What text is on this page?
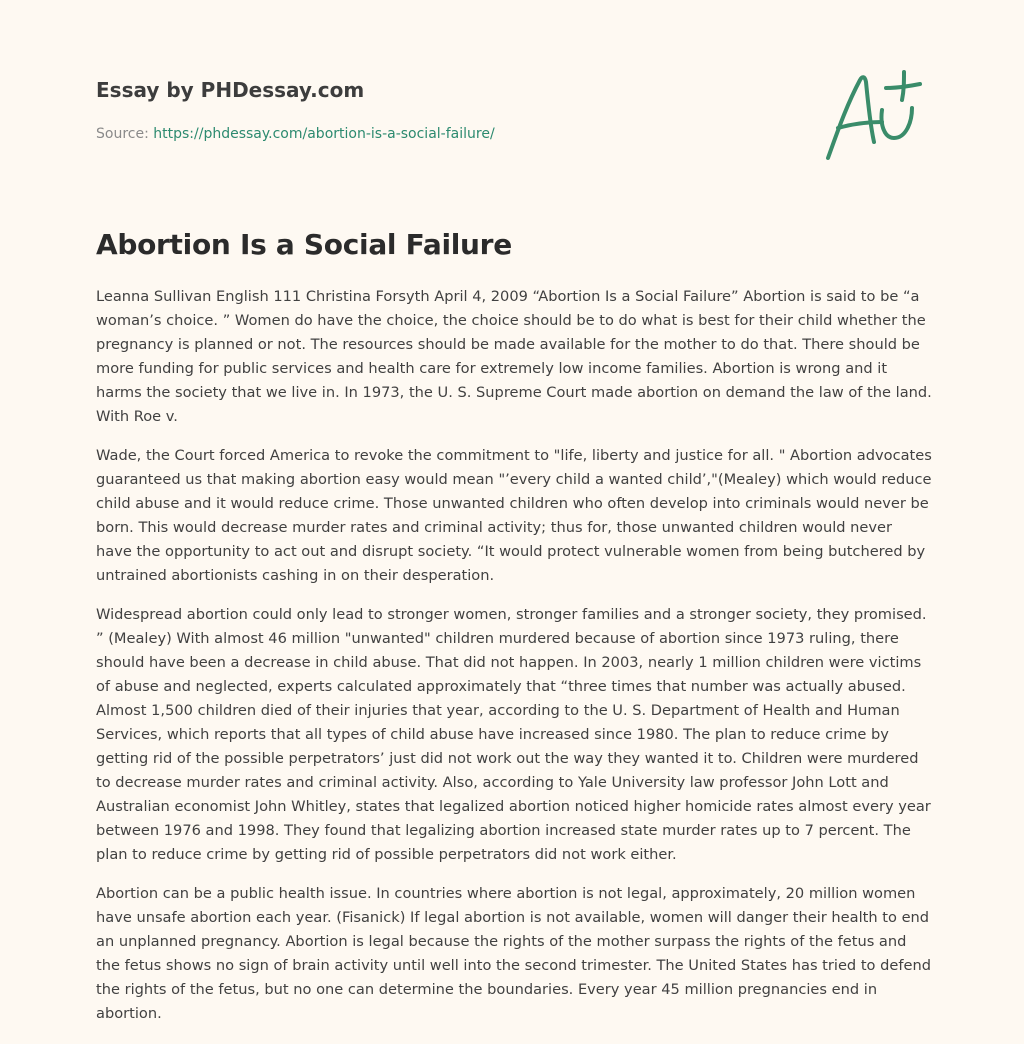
Essay by PHDessay.com
Source: https://phdessay.com/abortion-is-a-social-failure/
Abortion Is a Social Failure

Leanna Sullivan English 111 Christina Forsyth April 4, 2009 “Abortion Is a Social Failure” Abortion is said to be “a woman’s choice. ” Women do have the choice, the choice should be to do what is best for their child whether the pregnancy is planned or not. The resources should be made available for the mother to do that. There should be more funding for public services and health care for extremely low income families. Abortion is wrong and it harms the society that we live in. In 1973, the U. S. Supreme Court made abortion on demand the law of the land. With Roe v.

Wade, the Court forced America to revoke the commitment to "life, liberty and justice for all. " Abortion advocates guaranteed us that making abortion easy would mean "’every child a wanted child’,"(Mealey) which would reduce child abuse and it would reduce crime. Those unwanted children who often develop into criminals would never be born. This would decrease murder rates and criminal activity; thus for, those unwanted children would never have the opportunity to act out and disrupt society. “It would protect vulnerable women from being butchered by untrained abortionists cashing in on their desperation.

Widespread abortion could only lead to stronger women, stronger families and a stronger society, they promised. ” (Mealey) With almost 46 million "unwanted" children murdered because of abortion since 1973 ruling, there should have been a decrease in child abuse. That did not happen. In 2003, nearly 1 million children were victims of abuse and neglected, experts calculated approximately that “three times that number was actually abused. Almost 1,500 children died of their injuries that year, according to the U. S. Department of Health and Human Services, which reports that all types of child abuse have increased since 1980. The plan to reduce crime by getting rid of the possible perpetrators’ just did not work out the way they wanted it to. Children were murdered to decrease murder rates and criminal activity. Also, according to Yale University law professor John Lott and Australian economist John Whitley, states that legalized abortion noticed higher homicide rates almost every year between 1976 and 1998. They found that legalizing abortion increased state murder rates up to 7 percent. The plan to reduce crime by getting rid of possible perpetrators did not work either.

Abortion can be a public health issue. In countries where abortion is not legal, approximately, 20 million women have unsafe abortion each year. (Fisanick) If legal abortion is not available, women will danger their health to end an unplanned pregnancy. Abortion is legal because the rights of the mother surpass the rights of the fetus and the fetus shows no sign of brain activity until well into the second trimester. The United States has tried to defend the rights of the fetus, but no one can determine the boundaries. Every year 45 million pregnancies end in abortion.
